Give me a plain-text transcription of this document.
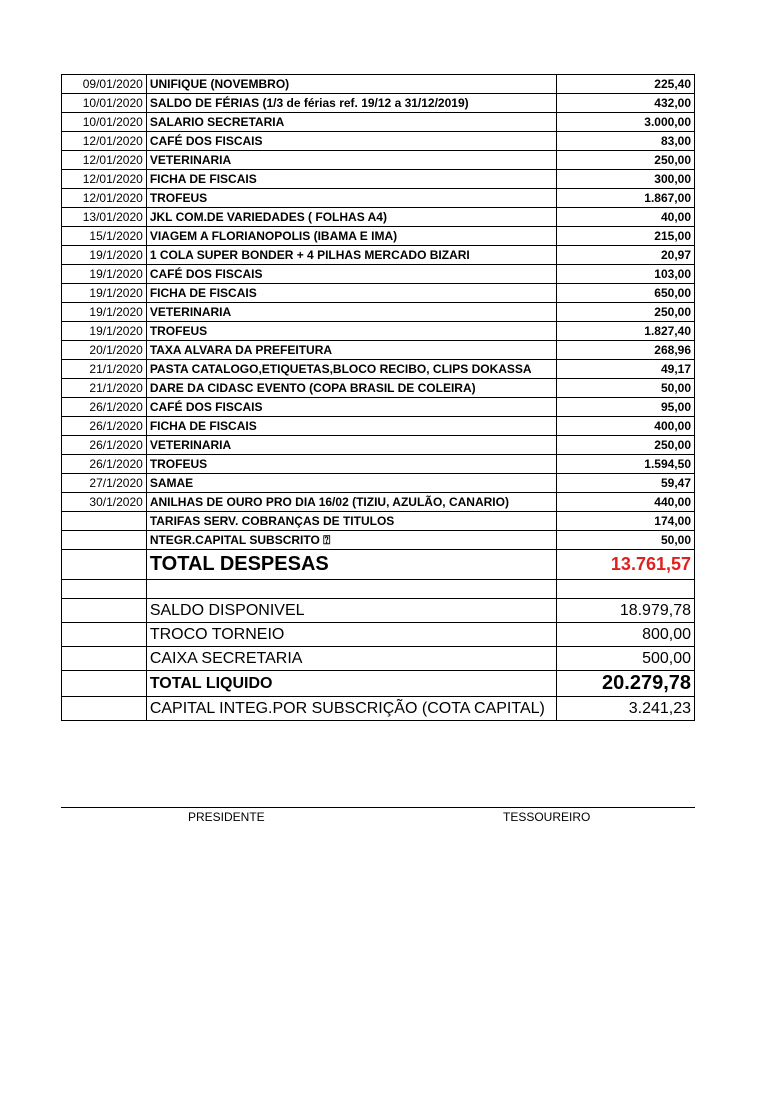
09/01/2020	UNIFIQUE (NOVEMBRO)	225,40
10/01/2020	SALDO DE FÉRIAS (1/3 de férias ref. 19/12 a 31/12/2019)	432,00
10/01/2020	SALARIO SECRETARIA	3.000,00
12/01/2020	CAFÉ DOS FISCAIS	83,00
12/01/2020	VETERINARIA	250,00
12/01/2020	FICHA DE FISCAIS	300,00
12/01/2020	TROFEUS	1.867,00
13/01/2020	JKL COM.DE VARIEDADES ( FOLHAS A4)	40,00
15/1/2020	VIAGEM A FLORIANOPOLIS (IBAMA E IMA)	215,00
19/1/2020	1 COLA SUPER BONDER + 4 PILHAS MERCADO BIZARI	20,97
19/1/2020	CAFÉ DOS FISCAIS	103,00
19/1/2020	FICHA DE FISCAIS	650,00
19/1/2020	VETERINARIA	250,00
19/1/2020	TROFEUS	1.827,40
20/1/2020	TAXA ALVARA DA PREFEITURA	268,96
21/1/2020	PASTA CATALOGO,ETIQUETAS,BLOCO RECIBO, CLIPS DOKASSA	49,17
21/1/2020	DARE DA CIDASC EVENTO (COPA BRASIL DE COLEIRA)	50,00
26/1/2020	CAFÉ DOS FISCAIS	95,00
26/1/2020	FICHA DE FISCAIS	400,00
26/1/2020	VETERINARIA	250,00
26/1/2020	TROFEUS	1.594,50
27/1/2020	SAMAE	59,47
30/1/2020	ANILHAS DE OURO PRO DIA 16/02 (TIZIU, AZULÃO, CANARIO)	440,00
	TARIFAS SERV. COBRANÇAS DE TITULOS	174,00
	NTEGR.CAPITAL SUBSCRITO ⍰	50,00
	TOTAL DESPESAS	13.761,57

	SALDO DISPONIVEL	18.979,78
	TROCO TORNEIO	800,00
	CAIXA SECRETARIA	500,00
	TOTAL LIQUIDO	20.279,78
	CAPITAL INTEG.POR SUBSCRIÇÃO (COTA CAPITAL)	3.241,23
PRESIDENTE	TESSOUREIRO
